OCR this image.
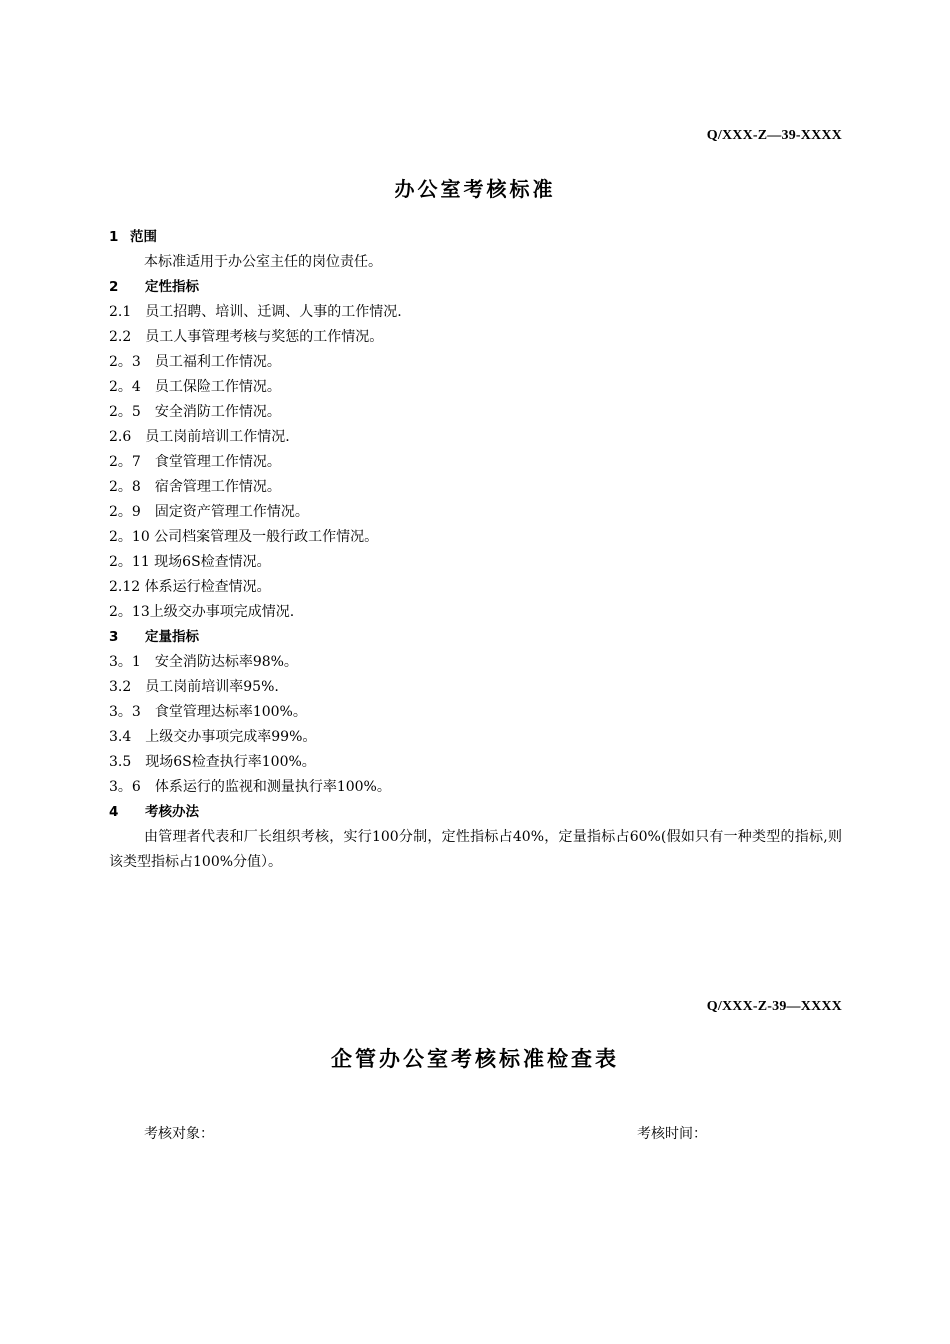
Q/XXX-Z—39-XXXX
办公室考核标准
1 范围
本标准适用于办公室主任的岗位责任。
2 定性指标
2.1　员工招聘、培训、迁调、人事的工作情况.
2.2　员工人事管理考核与奖惩的工作情况。
2。3　员工福利工作情况。
2。4　员工保险工作情况。
2。5　安全消防工作情况。
2.6　员工岗前培训工作情况.
2。7　食堂管理工作情况。
2。8　宿舍管理工作情况。
2。9　固定资产管理工作情况。
2。10 公司档案管理及一般行政工作情况。
2。11 现场6S检查情况。
2.12 体系运行检查情况。
2。13上级交办事项完成情况.
3 定量指标
3。1　安全消防达标率98%。
3.2　员工岗前培训率95%.
3。3　食堂管理达标率100%。
3.4　上级交办事项完成率99%。
3.5　现场6S检查执行率100%。
3。6　体系运行的监视和测量执行率100%。
4 考核办法
由管理者代表和厂长组织考核，实行100分制，定性指标占40%，定量指标占60%(假如只有一种类型的指标,则该类型指标占100%分值）。
Q/XXX-Z-39—XXXX
企管办公室考核标准检查表
考核对象：	考核时间：
